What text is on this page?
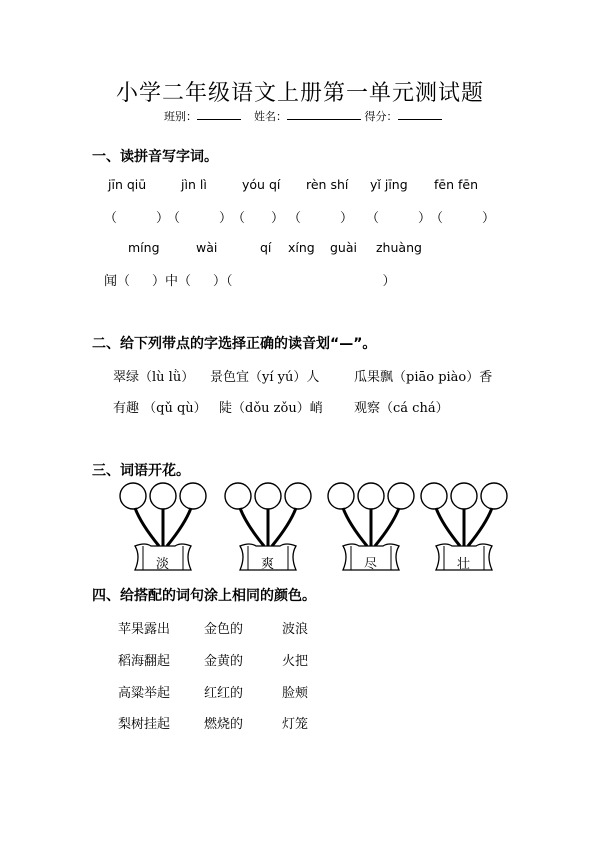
小学二年级语文上册第一单元测试题
班别：	姓名：	得分：
一、读拼音写字词。
jīn qiū	jìn lì	yóu qí rèn shí yǐ jīng fēn fēn
（　　　）
（　　　） （　　） （　　　） （　　　）
（　　　）
míng	wài	qí xíng guài zhuàng
闻（ ）中（ ）（	）
二、给下列带点的字选择正确的读音划“—”。
翠绿（lù lǜ） 景色宜（yí yú）人	瓜果飘（piāo piào）香
有趣 （qǔ qù） 陡（dǒu zǒu）峭 观察（cá chá）
三、词语开花。
淡	爽	尽	壮
四、给搭配的词句涂上相同的颜色。
苹果露出	金色的	波浪
稻海翻起	金黄的	火把
高粱举起	红红的	脸颊
梨树挂起	燃烧的	灯笼
